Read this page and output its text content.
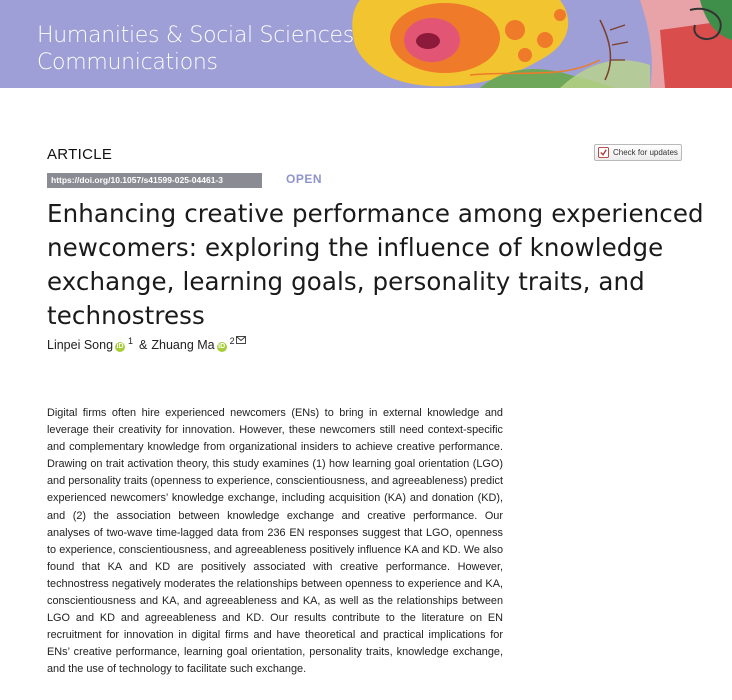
Humanities & Social Sciences
Communications
ARTICLE	Check for updates
https://doi.org/10.1057/s41599-025-04461-3	OPEN
Enhancing creative performance among experienced newcomers: exploring the influence of knowledge exchange, learning goals, personality traits, and technostress
Linpei Song iD
1 & Zhuang Ma iD
2
Digital firms often hire experienced newcomers (ENs) to bring in external knowledge and leverage their creativity for innovation. However, these newcomers still need context-specific and complementary knowledge from organizational insiders to achieve creative performance. Drawing on trait activation theory, this study examines (1) how learning goal orientation (LGO) and personality traits (openness to experience, conscientiousness, and agreeableness) predict experienced newcomers’ knowledge exchange, including acquisition (KA) and donation (KD), and (2) the association between knowledge exchange and creative performance. Our analyses of two-wave time-lagged data from 236 EN responses suggest that LGO, openness to experience, conscientiousness, and agreeableness positively influence KA and KD. We also found that KA and KD are positively associated with creative performance. However, technostress negatively moderates the relationships between openness to experience and KA, conscientiousness and KA, and agreeableness and KA, as well as the relationships between LGO and KD and agreeableness and KD. Our results contribute to the literature on EN recruitment for innovation in digital firms and have theoretical and practical implications for ENs’ creative performance, learning goal orientation, personality traits, knowledge exchange, and the use of technology to facilitate such exchange.
